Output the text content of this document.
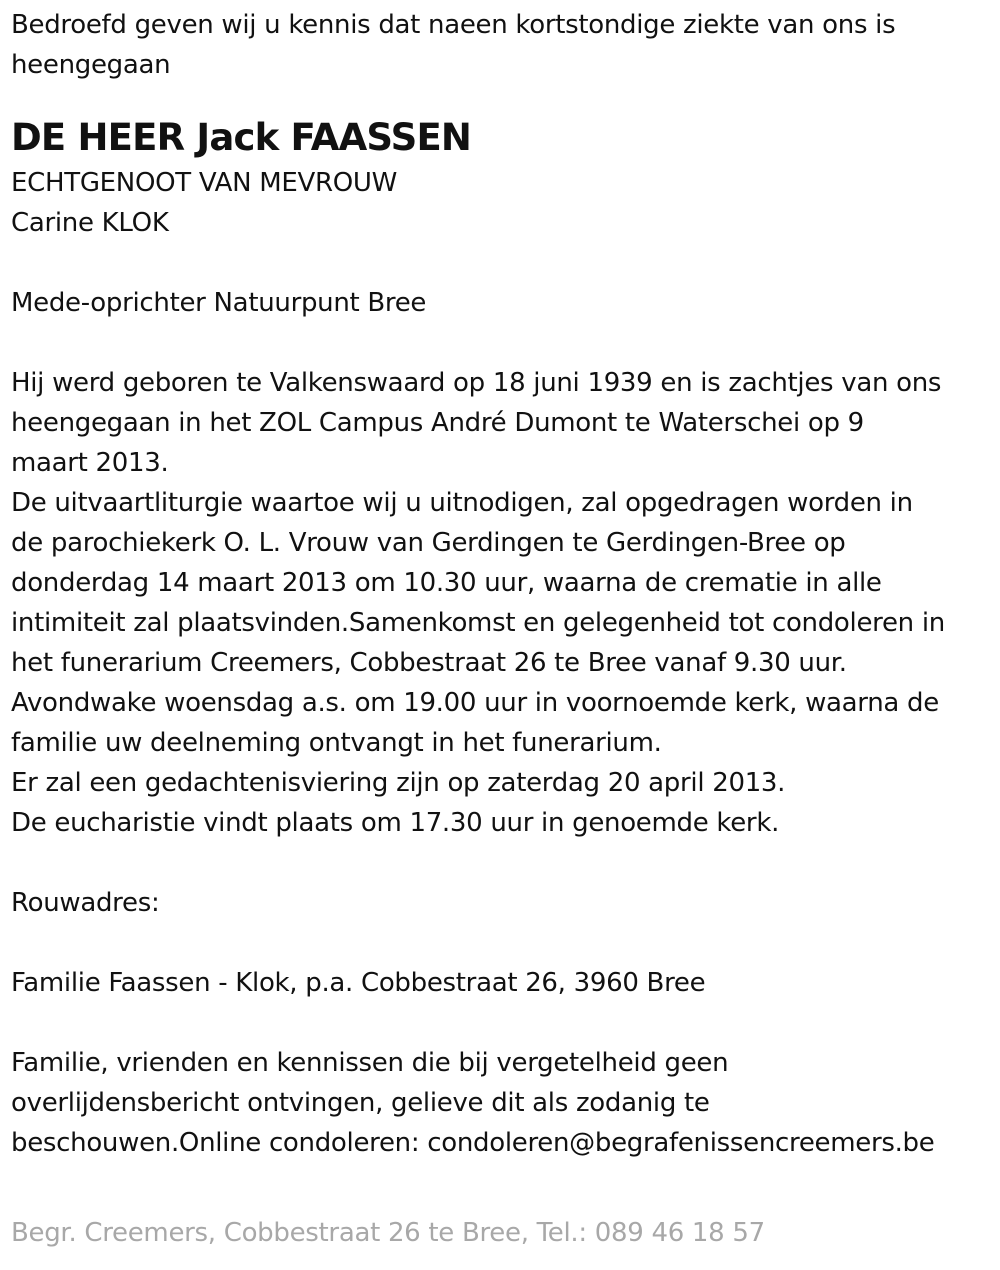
Bedroefd geven wij u kennis dat naeen kortstondige ziekte van ons is
heengegaan
DE HEER Jack FAASSEN
ECHTGENOOT VAN MEVROUW
Carine KLOK
Mede-oprichter Natuurpunt Bree
Hij werd geboren te Valkenswaard op 18 juni 1939 en is zachtjes van ons
heengegaan in het ZOL Campus André Dumont te Waterschei op 9
maart 2013.
De uitvaartliturgie waartoe wij u uitnodigen, zal opgedragen worden in
de parochiekerk O. L. Vrouw van Gerdingen te Gerdingen-Bree op
donderdag 14 maart 2013 om 10.30 uur, waarna de crematie in alle
intimiteit zal plaatsvinden.Samenkomst en gelegenheid tot condoleren in
het funerarium Creemers, Cobbestraat 26 te Bree vanaf 9.30 uur.
Avondwake woensdag a.s. om 19.00 uur in voornoemde kerk, waarna de
familie uw deelneming ontvangt in het funerarium.
Er zal een gedachtenisviering zijn op zaterdag 20 april 2013.
De eucharistie vindt plaats om 17.30 uur in genoemde kerk.
Rouwadres:
Familie Faassen - Klok, p.a. Cobbestraat 26, 3960 Bree
Familie, vrienden en kennissen die bij vergetelheid geen
overlijdensbericht ontvingen, gelieve dit als zodanig te
beschouwen.Online condoleren: condoleren@begrafenissencreemers.be
Begr. Creemers, Cobbestraat 26 te Bree, Tel.: 089 46 18 57
